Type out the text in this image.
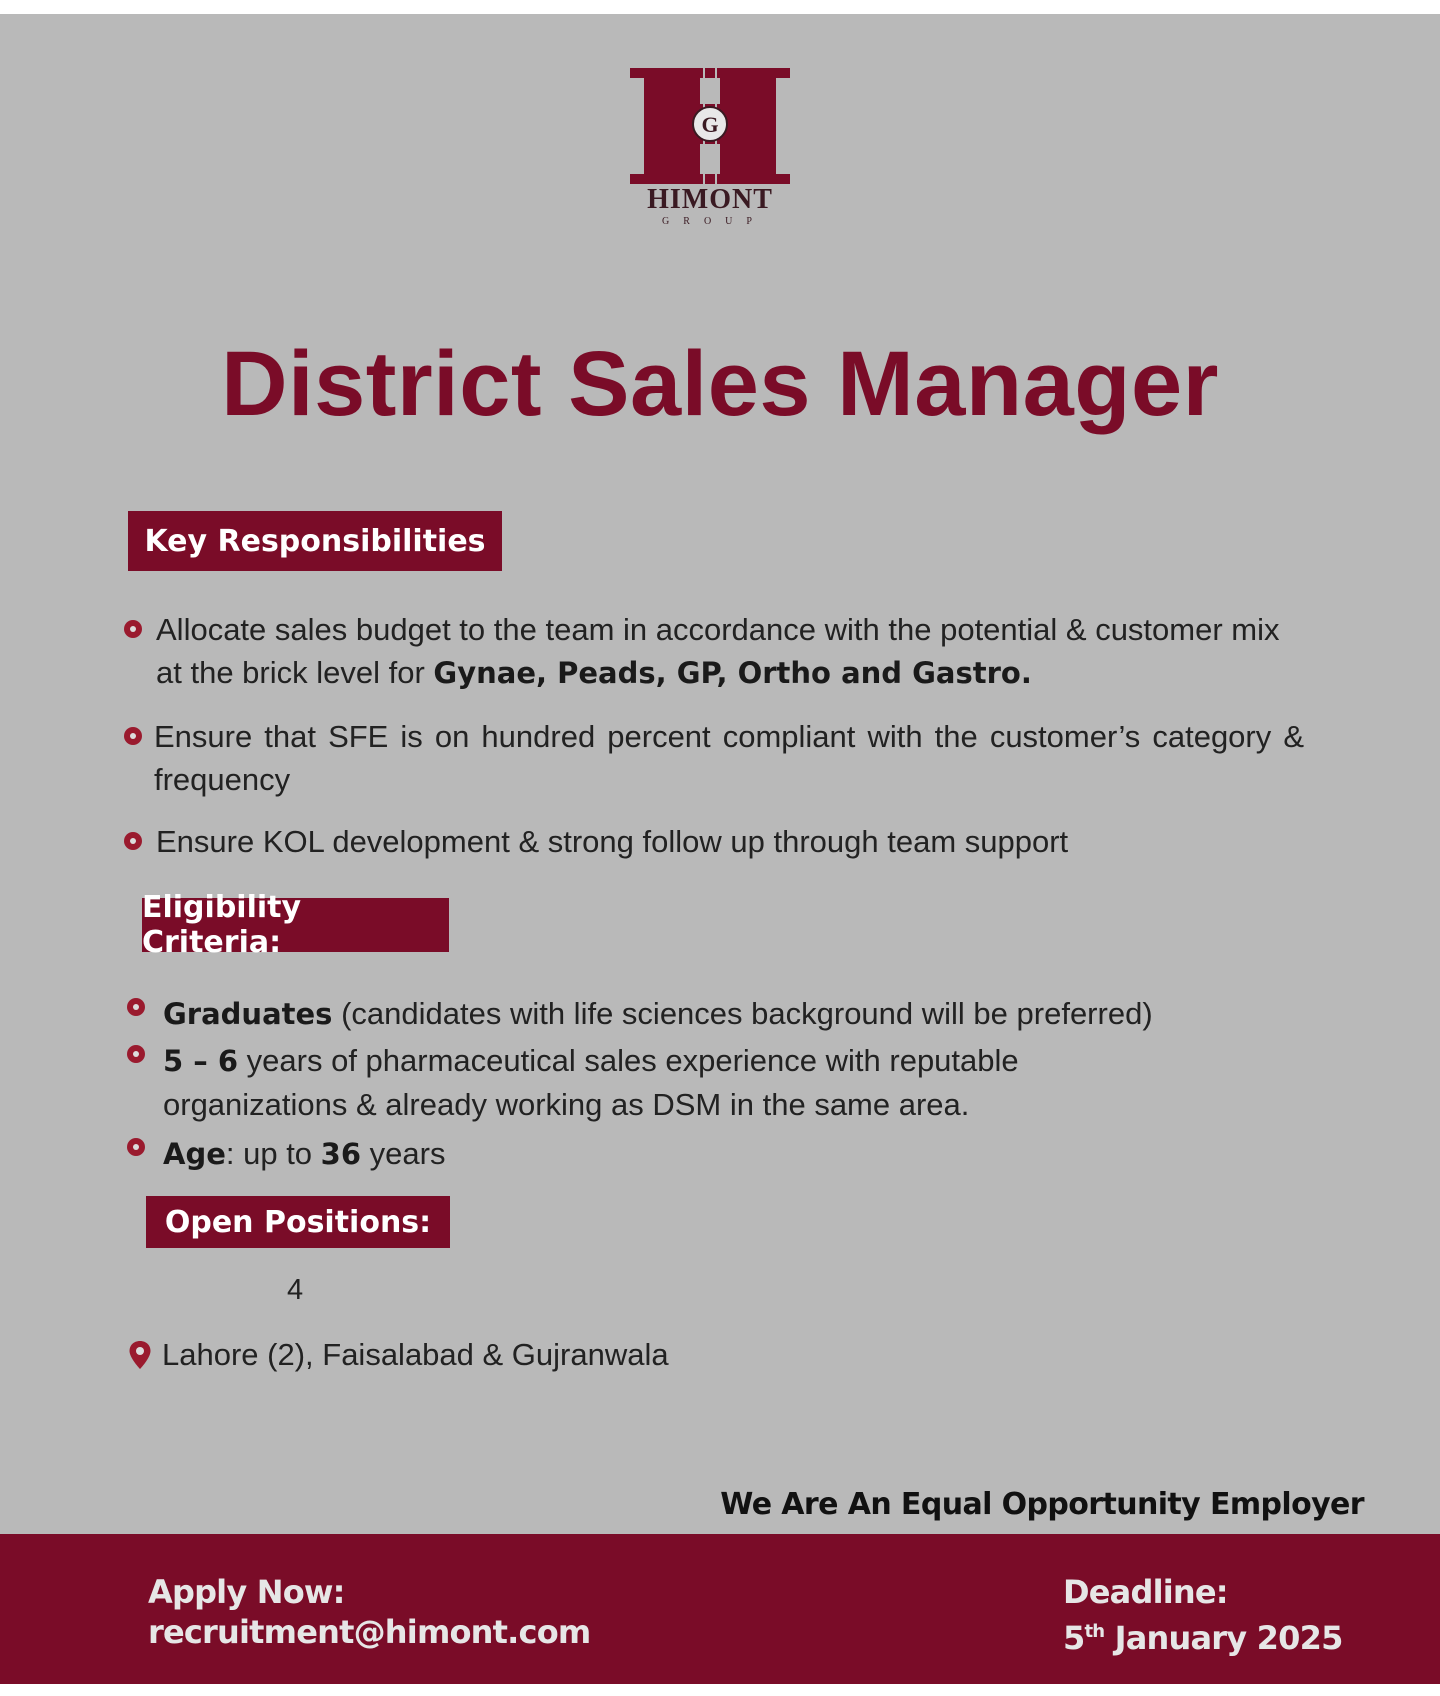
G
HIMONT
GROUP
District Sales Manager
Key Responsibilities
Allocate sales budget to the team in accordance with the potential & customer mix at the brick level for Gynae, Peads, GP, Ortho and Gastro.
Ensure that SFE is on hundred percent compliant with the customer’s category & frequency
Ensure KOL development & strong follow up through team support
Eligibility Criteria:
Graduates (candidates with life sciences background will be preferred)
5 – 6 years of pharmaceutical sales experience with reputable organizations & already working as DSM in the same area.
Age: up to 36 years
Open Positions:
4
Lahore (2), Faisalabad & Gujranwala
We Are An Equal Opportunity Employer
Apply Now:
recruitment@himont.com
Deadline:
5th January 2025
